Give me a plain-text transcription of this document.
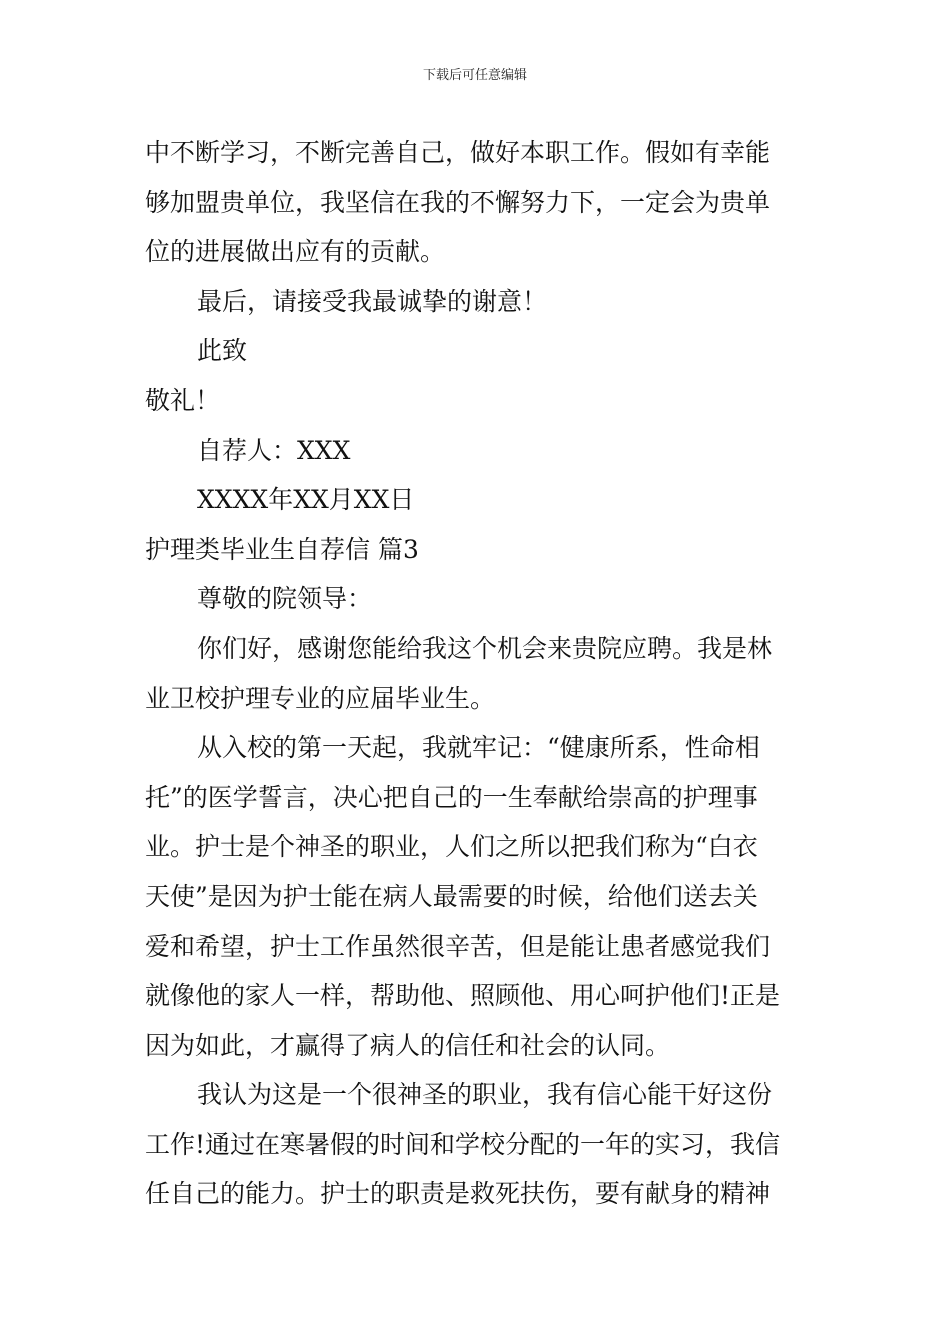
下载后可任意编辑
中不断学习，不断完善自己，做好本职工作。假如有幸能
够加盟贵单位，我坚信在我的不懈努力下，一定会为贵单
位的进展做出应有的贡献。
最后，请接受我最诚挚的谢意！
此致
敬礼！
自荐人：XXX
XXXX年XX月XX日
护理类毕业生自荐信 篇3
尊敬的院领导：
你们好，感谢您能给我这个机会来贵院应聘。我是林
业卫校护理专业的应届毕业生。
从入校的第一天起，我就牢记：“健康所系，性命相
托”的医学誓言，决心把自己的一生奉献给崇高的护理事
业。护士是个神圣的职业，人们之所以把我们称为“白衣
天使”是因为护士能在病人最需要的时候，给他们送去关
爱和希望，护士工作虽然很辛苦，但是能让患者感觉我们
就像他的家人一样，帮助他、照顾他、用心呵护他们!正是
因为如此，才赢得了病人的信任和社会的认同。
我认为这是一个很神圣的职业，我有信心能干好这份
工作!通过在寒暑假的时间和学校分配的一年的实习，我信
任自己的能力。护士的职责是救死扶伤，要有献身的精神
